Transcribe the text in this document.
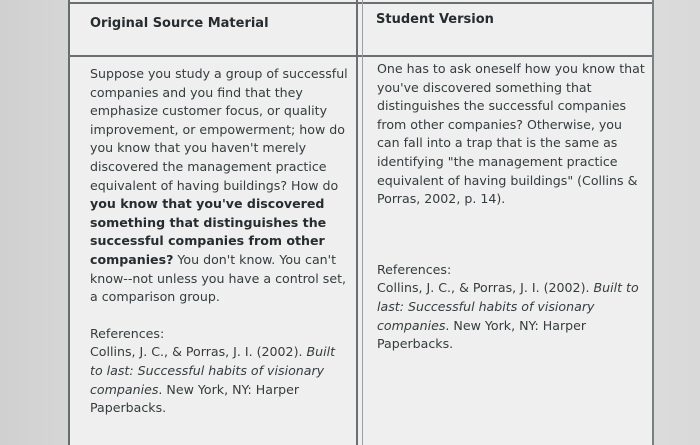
Original Source Material	Student Version

Suppose you study a group of successful companies and you find that they emphasize customer focus, or quality improvement, or empowerment; how do you know that you haven't merely discovered the management practice equivalent of having buildings? How do you know that you've discovered something that distinguishes the successful companies from other companies? You don't know. You can't know--not unless you have a control set, a comparison group.

References:

Collins, J. C., & Porras, J. I. (2002). Built to last: Successful habits of visionary companies. New York, NY: Harper Paperbacks.

One has to ask oneself how you know that you've discovered something that distinguishes the successful companies from other companies? Otherwise, you can fall into a trap that is the same as identifying "the management practice equivalent of having buildings" (Collins & Porras, 2002, p. 14).

References:

Collins, J. C., & Porras, J. I. (2002). Built to last: Successful habits of visionary companies. New York, NY: Harper Paperbacks.
